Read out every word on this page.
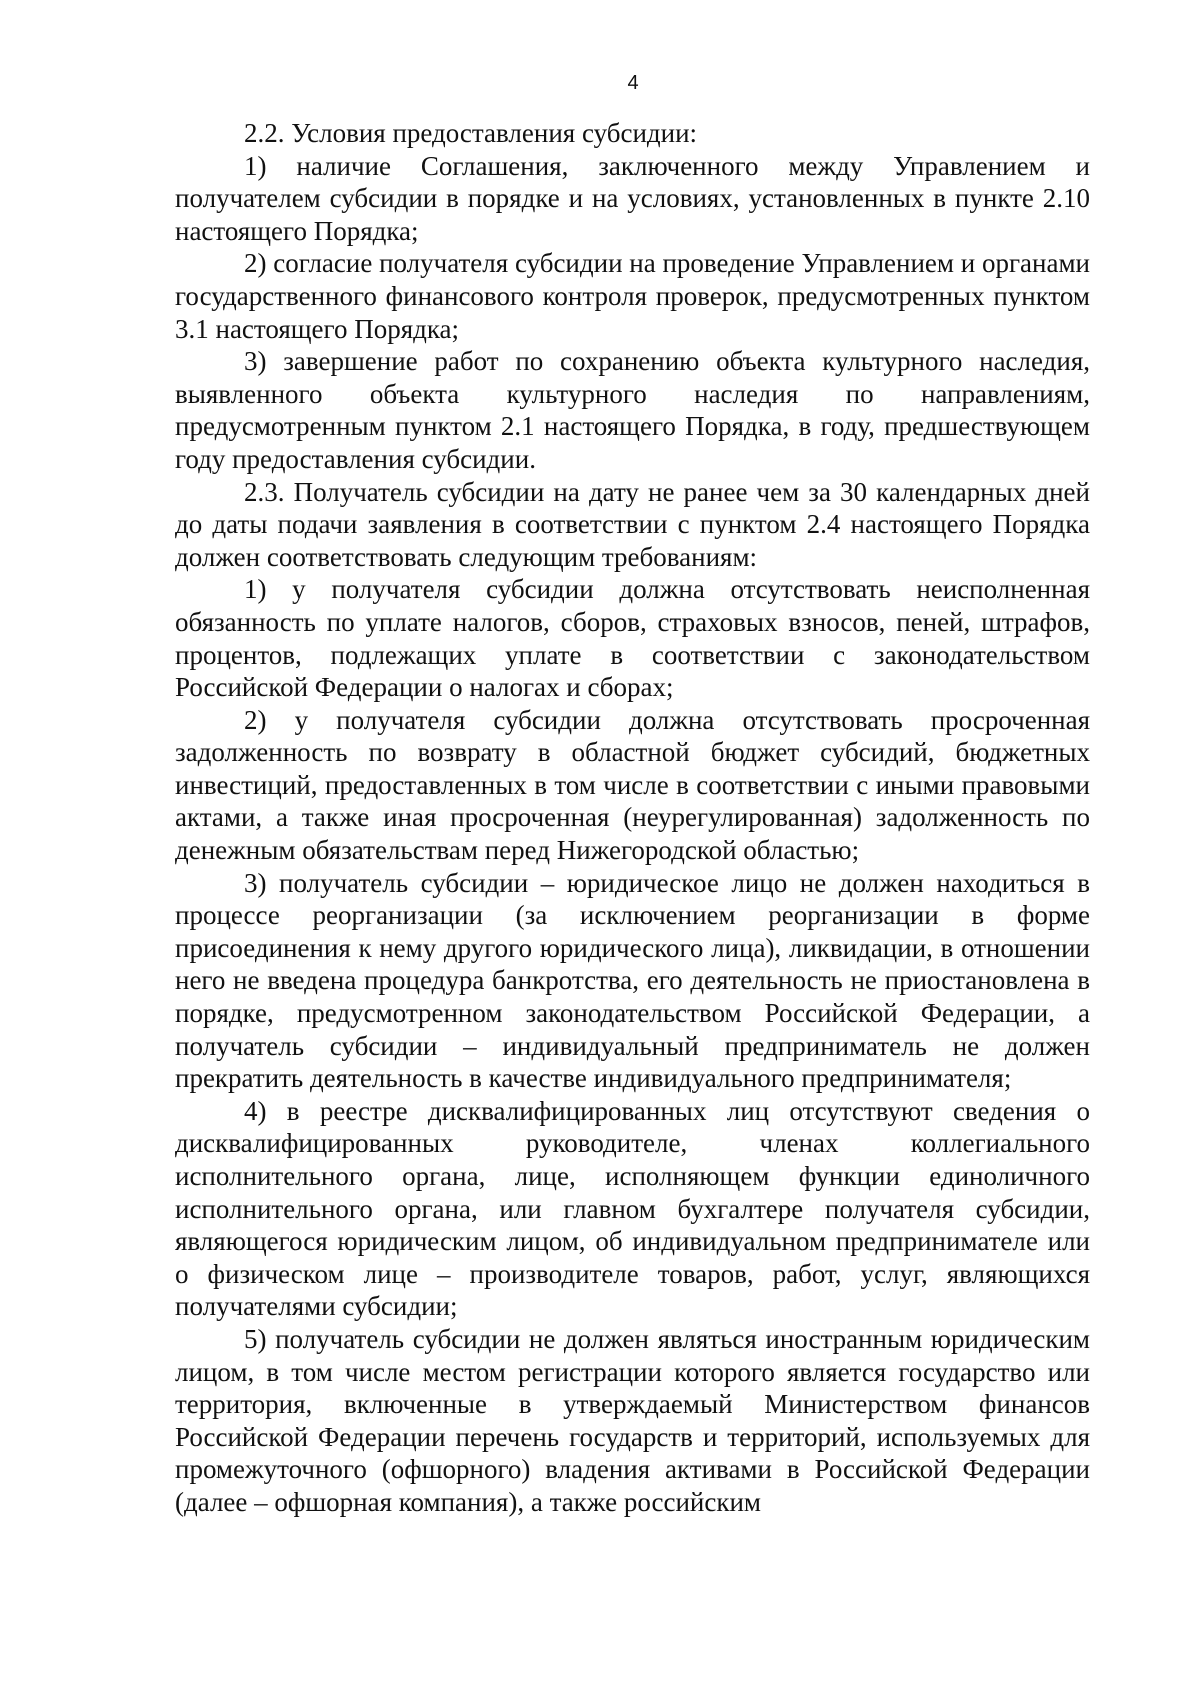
4

2.2. Условия предоставления субсидии:

1) наличие Соглашения, заключенного между Управлением и получателем субсидии в порядке и на условиях, установленных в пункте 2.10 настоящего Порядка;

2) согласие получателя субсидии на проведение Управлением и органами государственного финансового контроля проверок, предусмотренных пунктом 3.1 настоящего Порядка;

3) завершение работ по сохранению объекта культурного наследия, выявленного объекта культурного наследия по направлениям, предусмотренным пунктом 2.1 настоящего Порядка, в году, предшествующем году предоставления субсидии.

2.3. Получатель субсидии на дату не ранее чем за 30 календарных дней до даты подачи заявления в соответствии с пунктом 2.4 настоящего Порядка должен соответствовать следующим требованиям:

1) у получателя субсидии должна отсутствовать неисполненная обязанность по уплате налогов, сборов, страховых взносов, пеней, штрафов, процентов, подлежащих уплате в соответствии с законодательством Российской Федерации о налогах и сборах;

2) у получателя субсидии должна отсутствовать просроченная задолженность по возврату в областной бюджет субсидий, бюджетных инвестиций, предоставленных в том числе в соответствии с иными правовыми актами, а также иная просроченная (неурегулированная) задолженность по денежным обязательствам перед Нижегородской областью;

3) получатель субсидии – юридическое лицо не должен находиться в процессе реорганизации (за исключением реорганизации в форме присоединения к нему другого юридического лица), ликвидации, в отношении него не введена процедура банкротства, его деятельность не приостановлена в порядке, предусмотренном законодательством Российской Федерации, а получатель субсидии – индивидуальный предприниматель не должен прекратить деятельность в качестве индивидуального предпринимателя;

4) в реестре дисквалифицированных лиц отсутствуют сведения о дисквалифицированных руководителе, членах коллегиального исполнительного органа, лице, исполняющем функции единоличного исполнительного органа, или главном бухгалтере получателя субсидии, являющегося юридическим лицом, об индивидуальном предпринимателе или о физическом лице – производителе товаров, работ, услуг, являющихся получателями субсидии;

5) получатель субсидии не должен являться иностранным юридическим лицом, в том числе местом регистрации которого является государство или территория, включенные в утверждаемый Министерством финансов Российской Федерации перечень государств и территорий, используемых для промежуточного (офшорного) владения активами в Российской Федерации (далее – офшорная компания), а также российским
